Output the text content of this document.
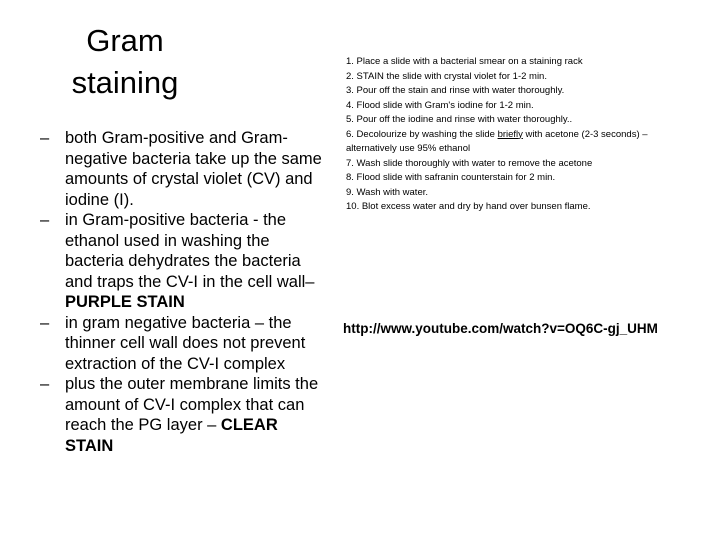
Gram
staining
– both Gram-positive and Gram-negative bacteria take up the same amounts of crystal violet (CV) and iodine (I).
– in Gram-positive bacteria - the ethanol used in washing the bacteria dehydrates the bacteria and traps the CV-I in the cell wall– PURPLE STAIN
– in gram negative bacteria – the thinner cell wall does not prevent extraction of the CV-I complex
– plus the outer membrane limits the amount of CV-I complex that can reach the PG layer – CLEAR STAIN
1. Place a slide with a bacterial smear on a staining rack
2. STAIN the slide with crystal violet for 1-2 min.
3. Pour off the stain and rinse with water thoroughly.
4. Flood slide with Gram's iodine for 1-2 min.
5. Pour off the iodine and rinse with water thoroughly..
6. Decolourize by washing the slide briefly with acetone (2-3 seconds) – alternatively use 95% ethanol
7. Wash slide thoroughly with water to remove the acetone
8. Flood slide with safranin counterstain for 2 min.
9. Wash with water.
10. Blot excess water and dry by hand over bunsen flame.
http://www.youtube.com/watch?v=OQ6C-gj_UHM
